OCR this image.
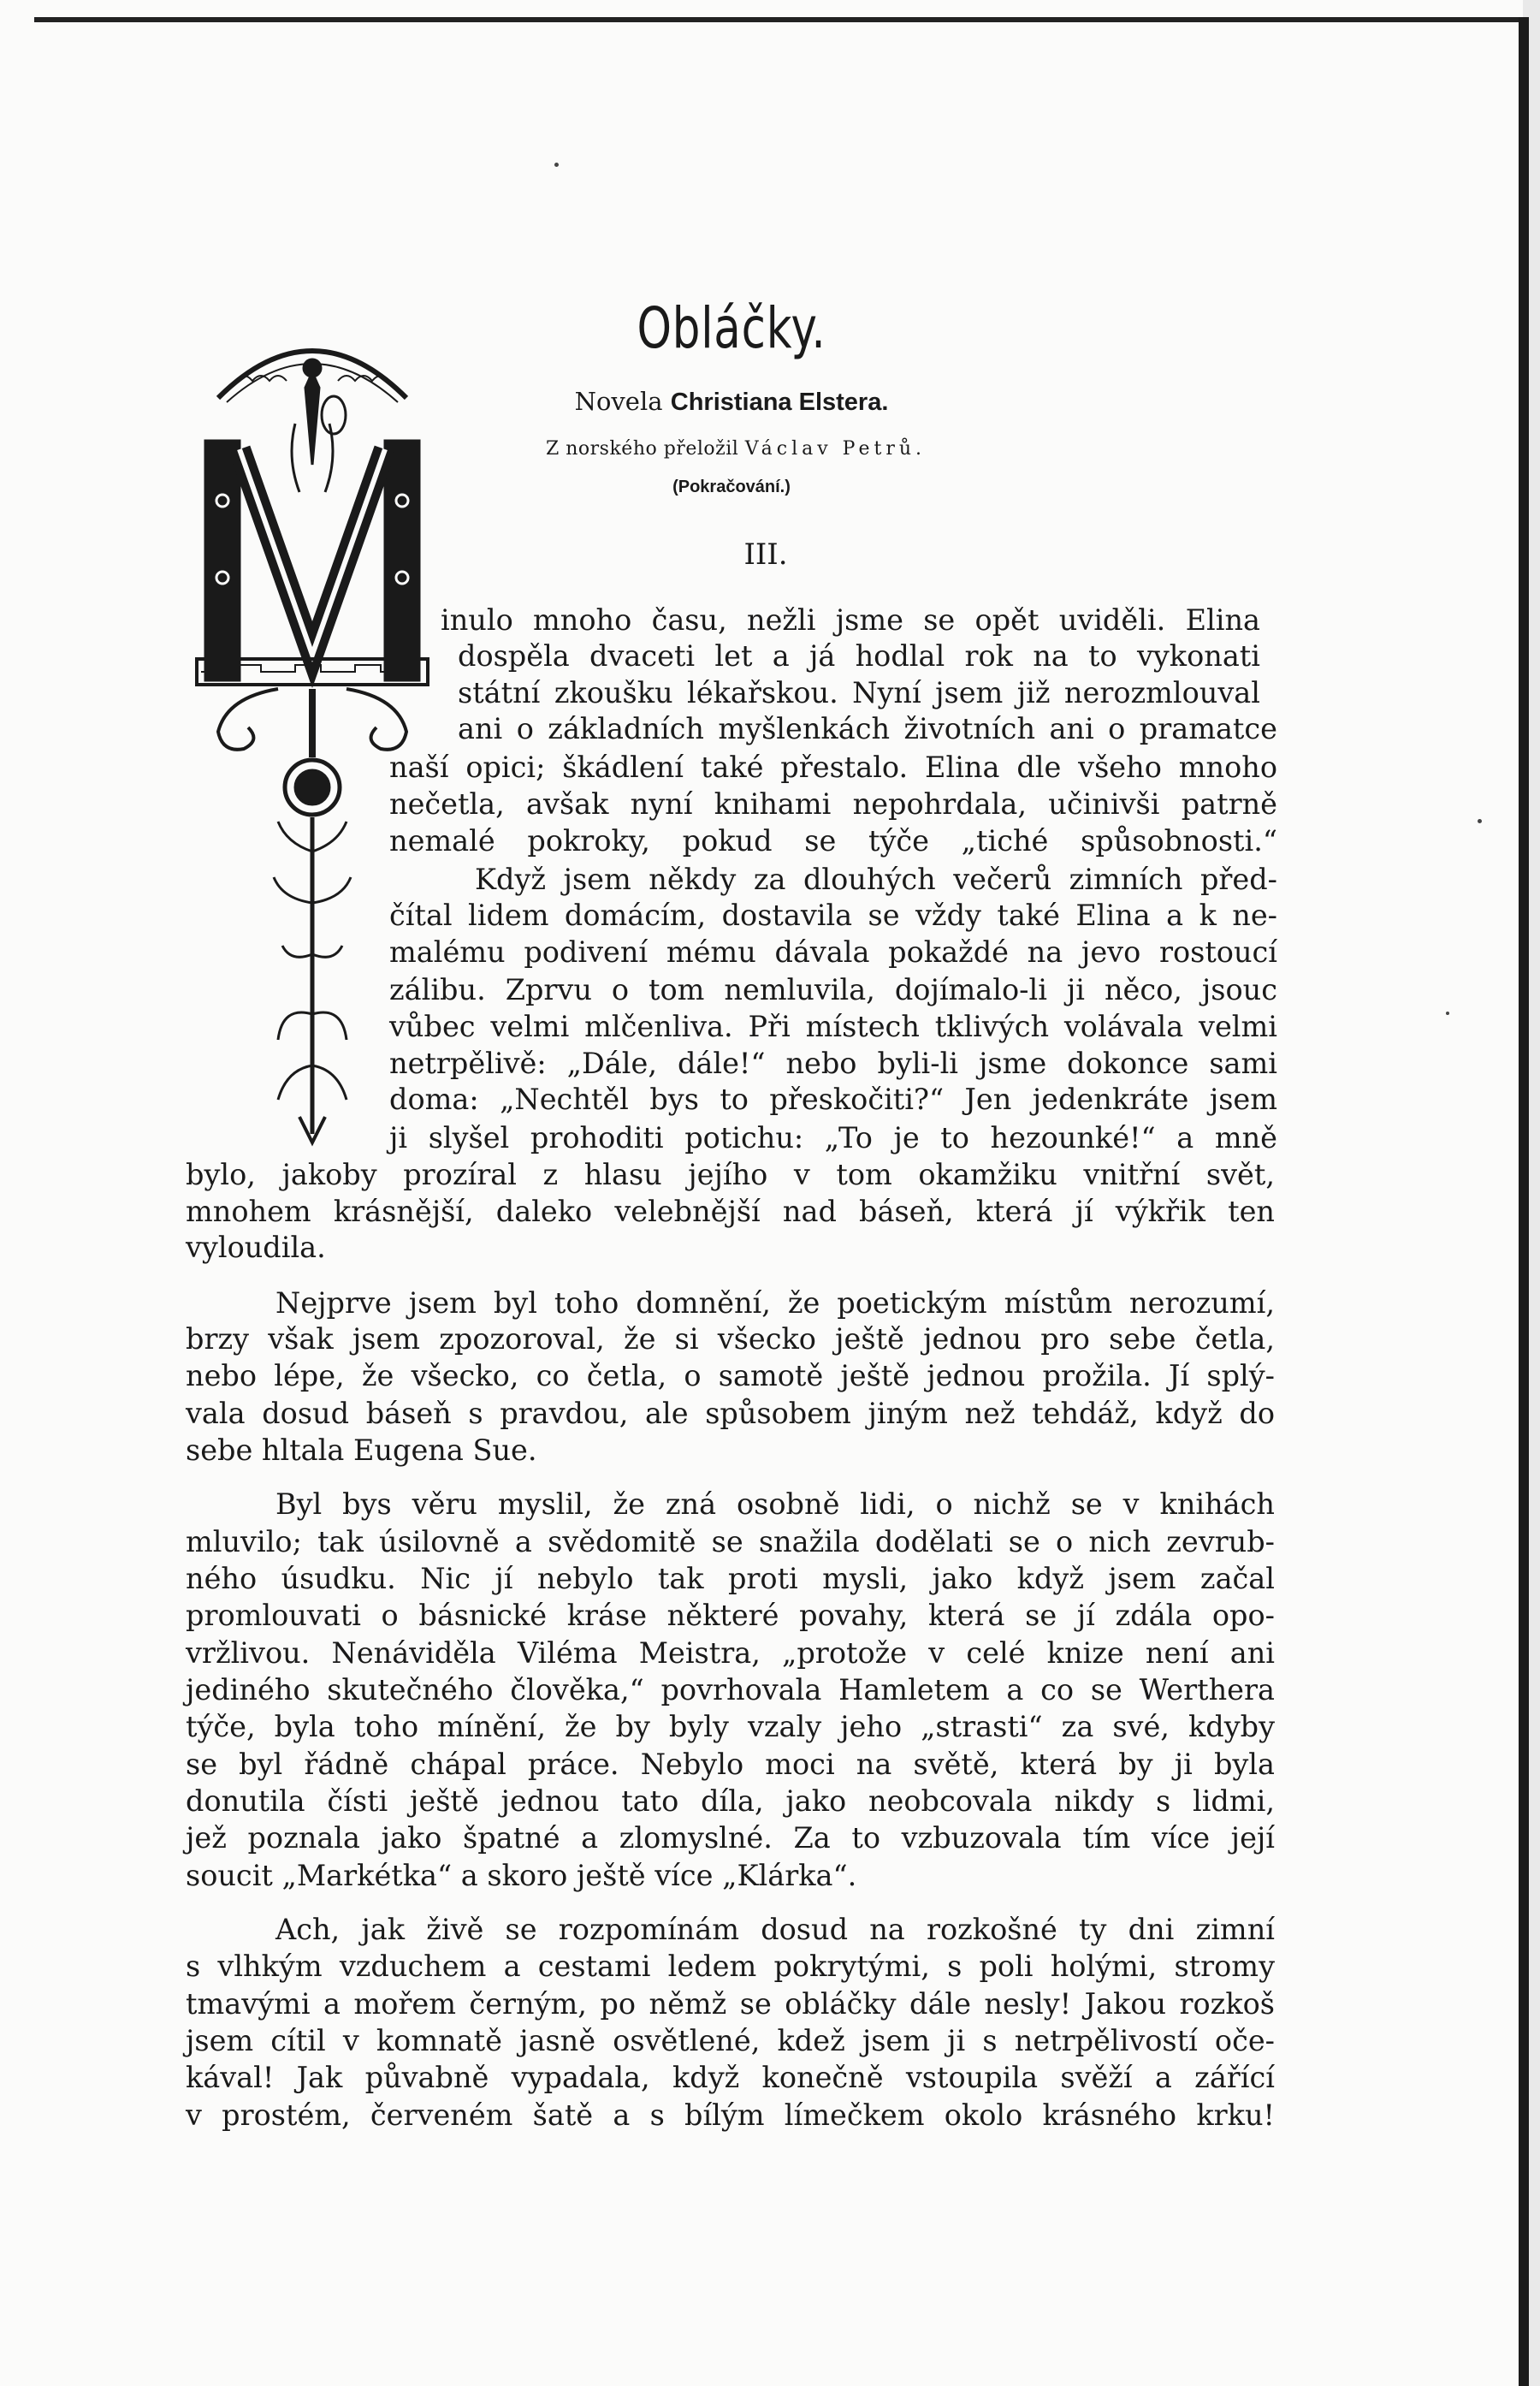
Obláčky.
Novela Christiana Elstera.
Z norského přeložil Václav Petrů.
(Pokračování.)
III.
inulo mnoho času, nežli jsme se opět uviděli. Elina
dospěla dvaceti let a já hodlal rok na to vykonati
státní zkoušku lékařskou. Nyní jsem již nerozmlouval
ani o základních myšlenkách životních ani o pramatce
naší opici; škádlení také přestalo. Elina dle všeho mnoho
nečetla, avšak nyní knihami nepohrdala, učinivši patrně
nemalé pokroky, pokud se týče „tiché spůsobnosti.“
Když jsem někdy za dlouhých večerů zimních před-
čítal lidem domácím, dostavila se vždy také Elina a k ne-
malému podivení mému dávala pokaždé na jevo rostoucí
zálibu. Zprvu o tom nemluvila, dojímalo-li ji něco, jsouc
vůbec velmi mlčenliva. Při místech tklivých volávala velmi
netrpělivě: „Dále, dále!“ nebo byli-li jsme dokonce sami
doma: „Nechtěl bys to přeskočiti?“ Jen jedenkráte jsem
ji slyšel prohoditi potichu: „To je to hezounké!“ a mně
bylo, jakoby prozíral z hlasu jejího v tom okamžiku vnitřní svět,
mnohem krásnější, daleko velebnější nad báseň, která jí výkřik ten
vyloudila.
Nejprve jsem byl toho domnění, že poetickým místům nerozumí,
brzy však jsem zpozoroval, že si všecko ještě jednou pro sebe četla,
nebo lépe, že všecko, co četla, o samotě ještě jednou prožila. Jí splý-
vala dosud báseň s pravdou, ale spůsobem jiným než tehdáž, když do
sebe hltala Eugena Sue.
Byl bys věru myslil, že zná osobně lidi, o nichž se v knihách
mluvilo; tak úsilovně a svědomitě se snažila dodělati se o nich zevrub-
ného úsudku. Nic jí nebylo tak proti mysli, jako když jsem začal
promlouvati o básnické kráse některé povahy, která se jí zdála opo-
vržlivou. Nenáviděla Viléma Meistra, „protože v celé knize není ani
jediného skutečného člověka,“ povrhovala Hamletem a co se Werthera
týče, byla toho mínění, že by byly vzaly jeho „strasti“ za své, kdyby
se byl řádně chápal práce. Nebylo moci na světě, která by ji byla
donutila čísti ještě jednou tato díla, jako neobcovala nikdy s lidmi,
jež poznala jako špatné a zlomyslné. Za to vzbuzovala tím více její
soucit „Markétka“ a skoro ještě více „Klárka“.
Ach, jak živě se rozpomínám dosud na rozkošné ty dni zimní
s vlhkým vzduchem a cestami ledem pokrytými, s poli holými, stromy
tmavými a mořem černým, po němž se obláčky dále nesly! Jakou rozkoš
jsem cítil v komnatě jasně osvětlené, kdež jsem ji s netrpělivostí oče-
kával! Jak půvabně vypadala, když konečně vstoupila svěží a zářící
v prostém, červeném šatě a s bílým límečkem okolo krásného krku!
